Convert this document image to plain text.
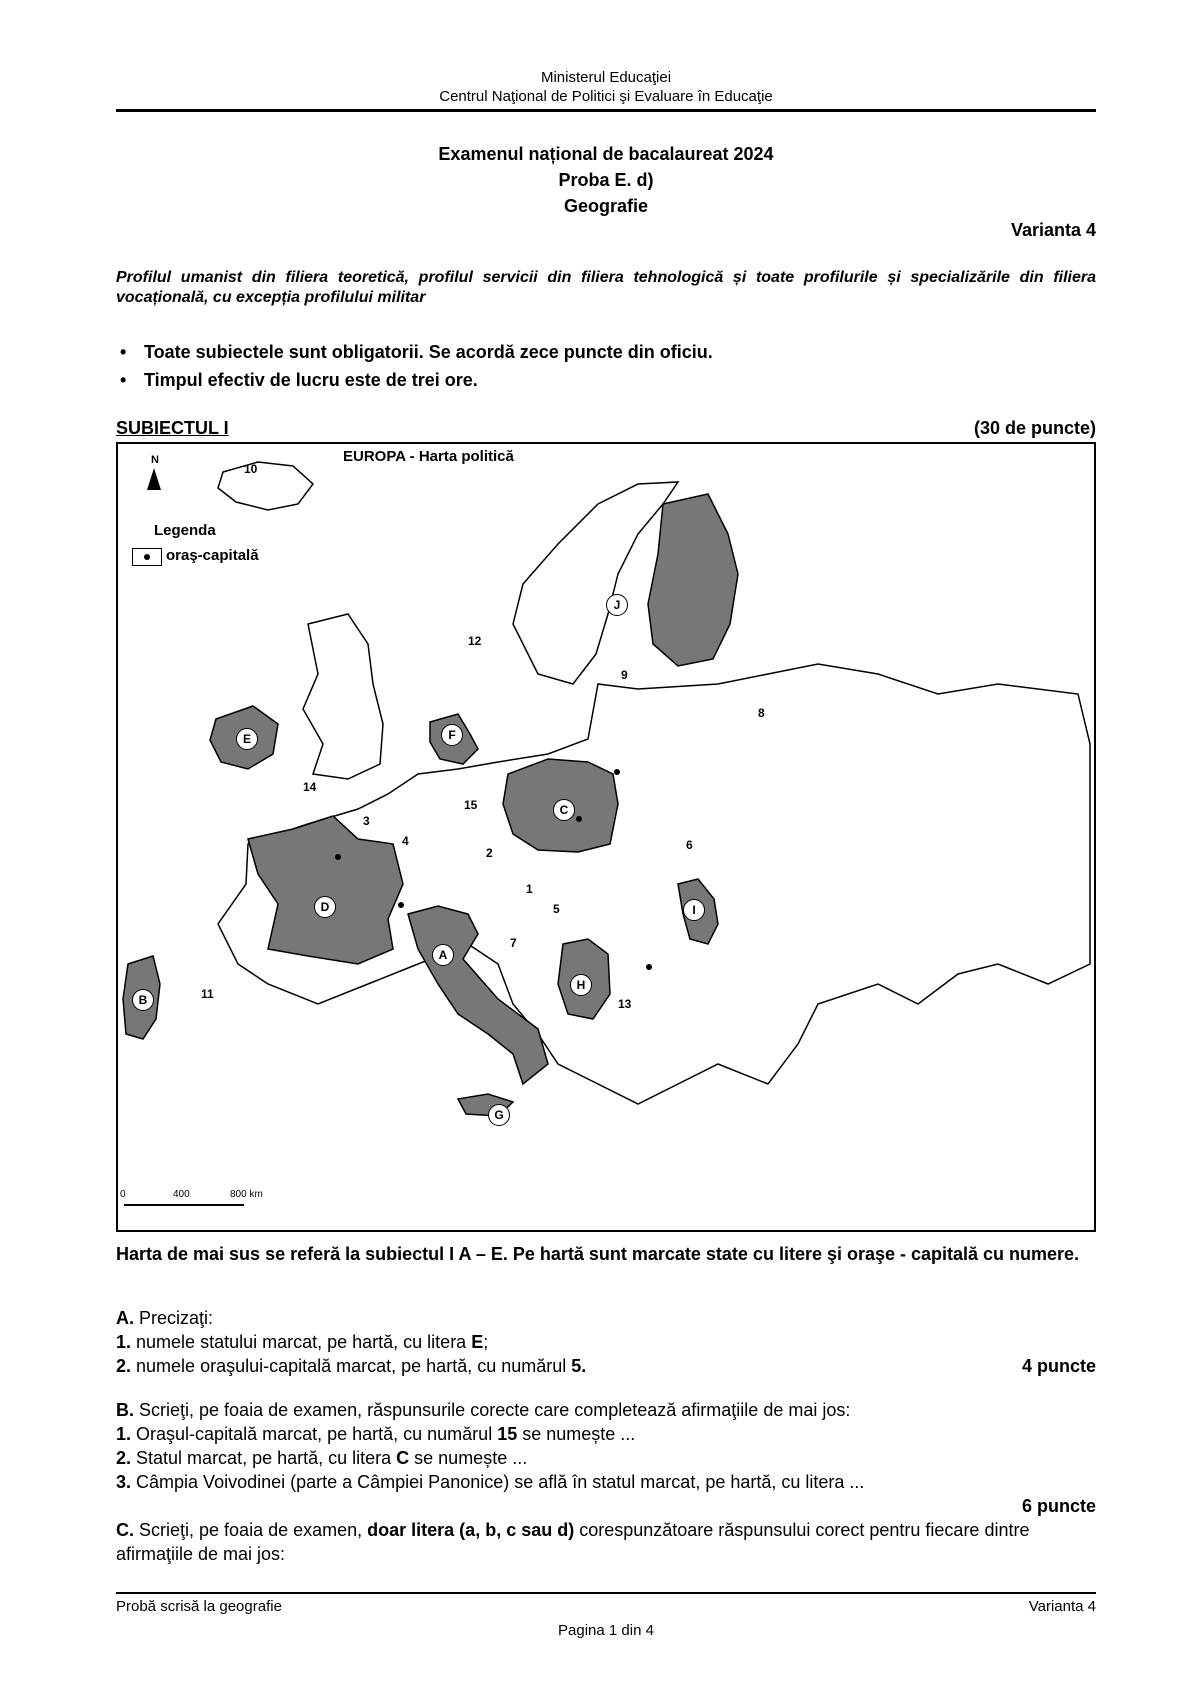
Ministerul Educaţiei
Centrul Naţional de Politici şi Evaluare în Educaţie
Examenul național de bacalaureat 2024
Proba E. d)
Geografie
Varianta 4
Profilul umanist din filiera teoretică, profilul servicii din filiera tehnologică și toate profilurile și specializările din filiera vocațională, cu excepția profilului militar
• Toate subiectele sunt obligatorii. Se acordă zece puncte din oficiu.
• Timpul efectiv de lucru este de trei ore.
SUBIECTUL I	(30 de puncte)
EUROPA - Harta politică
N
Legenda
oraş-capitală
0	400	800 km
A
B
C
D
E	F
G
H
I
J
1
2
3
4
5
6
7
8
9
10
11
12
13
14
15
Harta de mai sus se referă la subiectul I A – E. Pe hartă sunt marcate state cu litere şi oraşe - capitală cu numere.
A. Precizaţi:
1. numele statului marcat, pe hartă, cu litera E;
2. numele oraşului-capitală marcat, pe hartă, cu numărul 5.	4 puncte
B. Scrieţi, pe foaia de examen, răspunsurile corecte care completează afirmaţiile de mai jos:
1. Oraşul-capitală marcat, pe hartă, cu numărul 15 se numește ...
2. Statul marcat, pe hartă, cu litera C se numește ...
3. Câmpia Voivodinei (parte a Câmpiei Panonice) se află în statul marcat, pe hartă, cu litera ...
6 puncte
C. Scrieţi, pe foaia de examen, doar litera (a, b, c sau d) corespunzătoare răspunsului corect pentru fiecare dintre afirmaţiile de mai jos:
Probă scrisă la geografie	Varianta 4
Pagina 1 din 4
